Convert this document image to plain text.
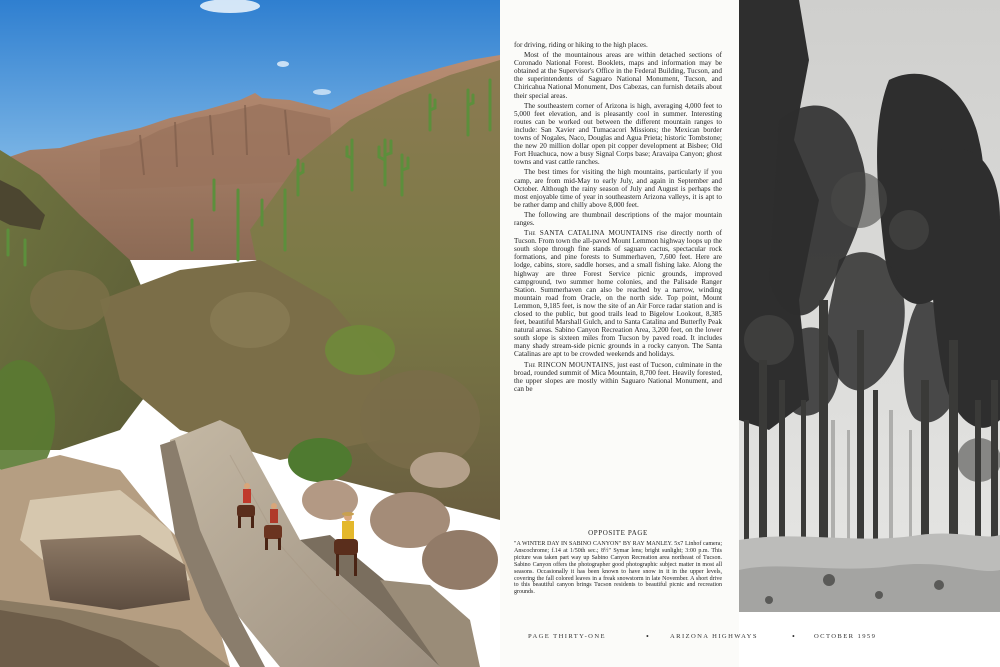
for driving, riding or hiking to the high places.

Most of the mountainous areas are within detached sections of Coronado National Forest. Booklets, maps and information may be obtained at the Supervisor's Office in the Federal Building, Tucson, and the superintendents of Saguaro National Monument, Tucson, and Chiricahua National Monument, Dos Cabezas, can furnish details about their special areas.

The southeastern corner of Arizona is high, averaging 4,000 feet to 5,000 feet elevation, and is pleasantly cool in summer. Interesting routes can be worked out between the different mountain ranges to include: San Xavier and Tumacacori Missions; the Mexican border towns of Nogales, Naco, Douglas and Agua Prieta; historic Tombstone; the new 20 million dollar open pit copper development at Bisbee; Old Fort Huachuca, now a busy Signal Corps base; Aravaipa Canyon; ghost towns and vast cattle ranches.

The best times for visiting the high mountains, particularly if you camp, are from mid-May to early July, and again in September and October. Although the rainy season of July and August is perhaps the most enjoyable time of year in southeastern Arizona valleys, it is apt to be rather damp and chilly above 8,000 feet.

The following are thumbnail descriptions of the major mountain ranges.

The SANTA CATALINA MOUNTAINS rise directly north of Tucson. From town the all-paved Mount Lemmon highway loops up the south slope through fine stands of saguaro cactus, spectacular rock formations, and pine forests to Summerhaven, 7,600 feet. Here are lodge, cabins, store, saddle horses, and a small fishing lake. Along the highway are three Forest Service picnic grounds, improved campground, two summer home colonies, and the Palisade Ranger Station. Summerhaven can also be reached by a narrow, winding mountain road from Oracle, on the north side. Top point, Mount Lemmon, 9,185 feet, is now the site of an Air Force radar station and is closed to the public, but good trails lead to Bigelow Lookout, 8,385 feet, beautiful Marshall Gulch, and to Santa Catalina and Butterfly Peak natural areas. Sabino Canyon Recreation Area, 3,200 feet, on the lower south slope is sixteen miles from Tucson by paved road. It includes many shady stream-side picnic grounds in a rocky canyon. The Santa Catalinas are apt to be crowded weekends and holidays.

The RINCON MOUNTAINS, just east of Tucson, culminate in the broad, rounded summit of Mica Mountain, 8,700 feet. Heavily forested, the upper slopes are mostly within Saguaro National Monument, and can be

OPPOSITE PAGE
"A WINTER DAY IN SABINO CANYON" BY RAY MANLEY. 5x7 Linhof camera; Anscochrome; f.14 at 1/50th sec.; 8½" Symar lens; bright sunlight; 3:00 p.m. This picture was taken part way up Sabino Canyon Recreation area northeast of Tucson. Sabino Canyon offers the photographer good photographic subject matter in most all seasons. Occasionally it has been known to have snow in it in the upper levels, covering the fall colored leaves in a freak snowstorm in late November. A short drive to this beautiful canyon brings Tucson residents to beautiful picnic and recreation grounds.
PAGE THIRTY-ONE	•	ARIZONA HIGHWAYS	•	OCTOBER 1959
